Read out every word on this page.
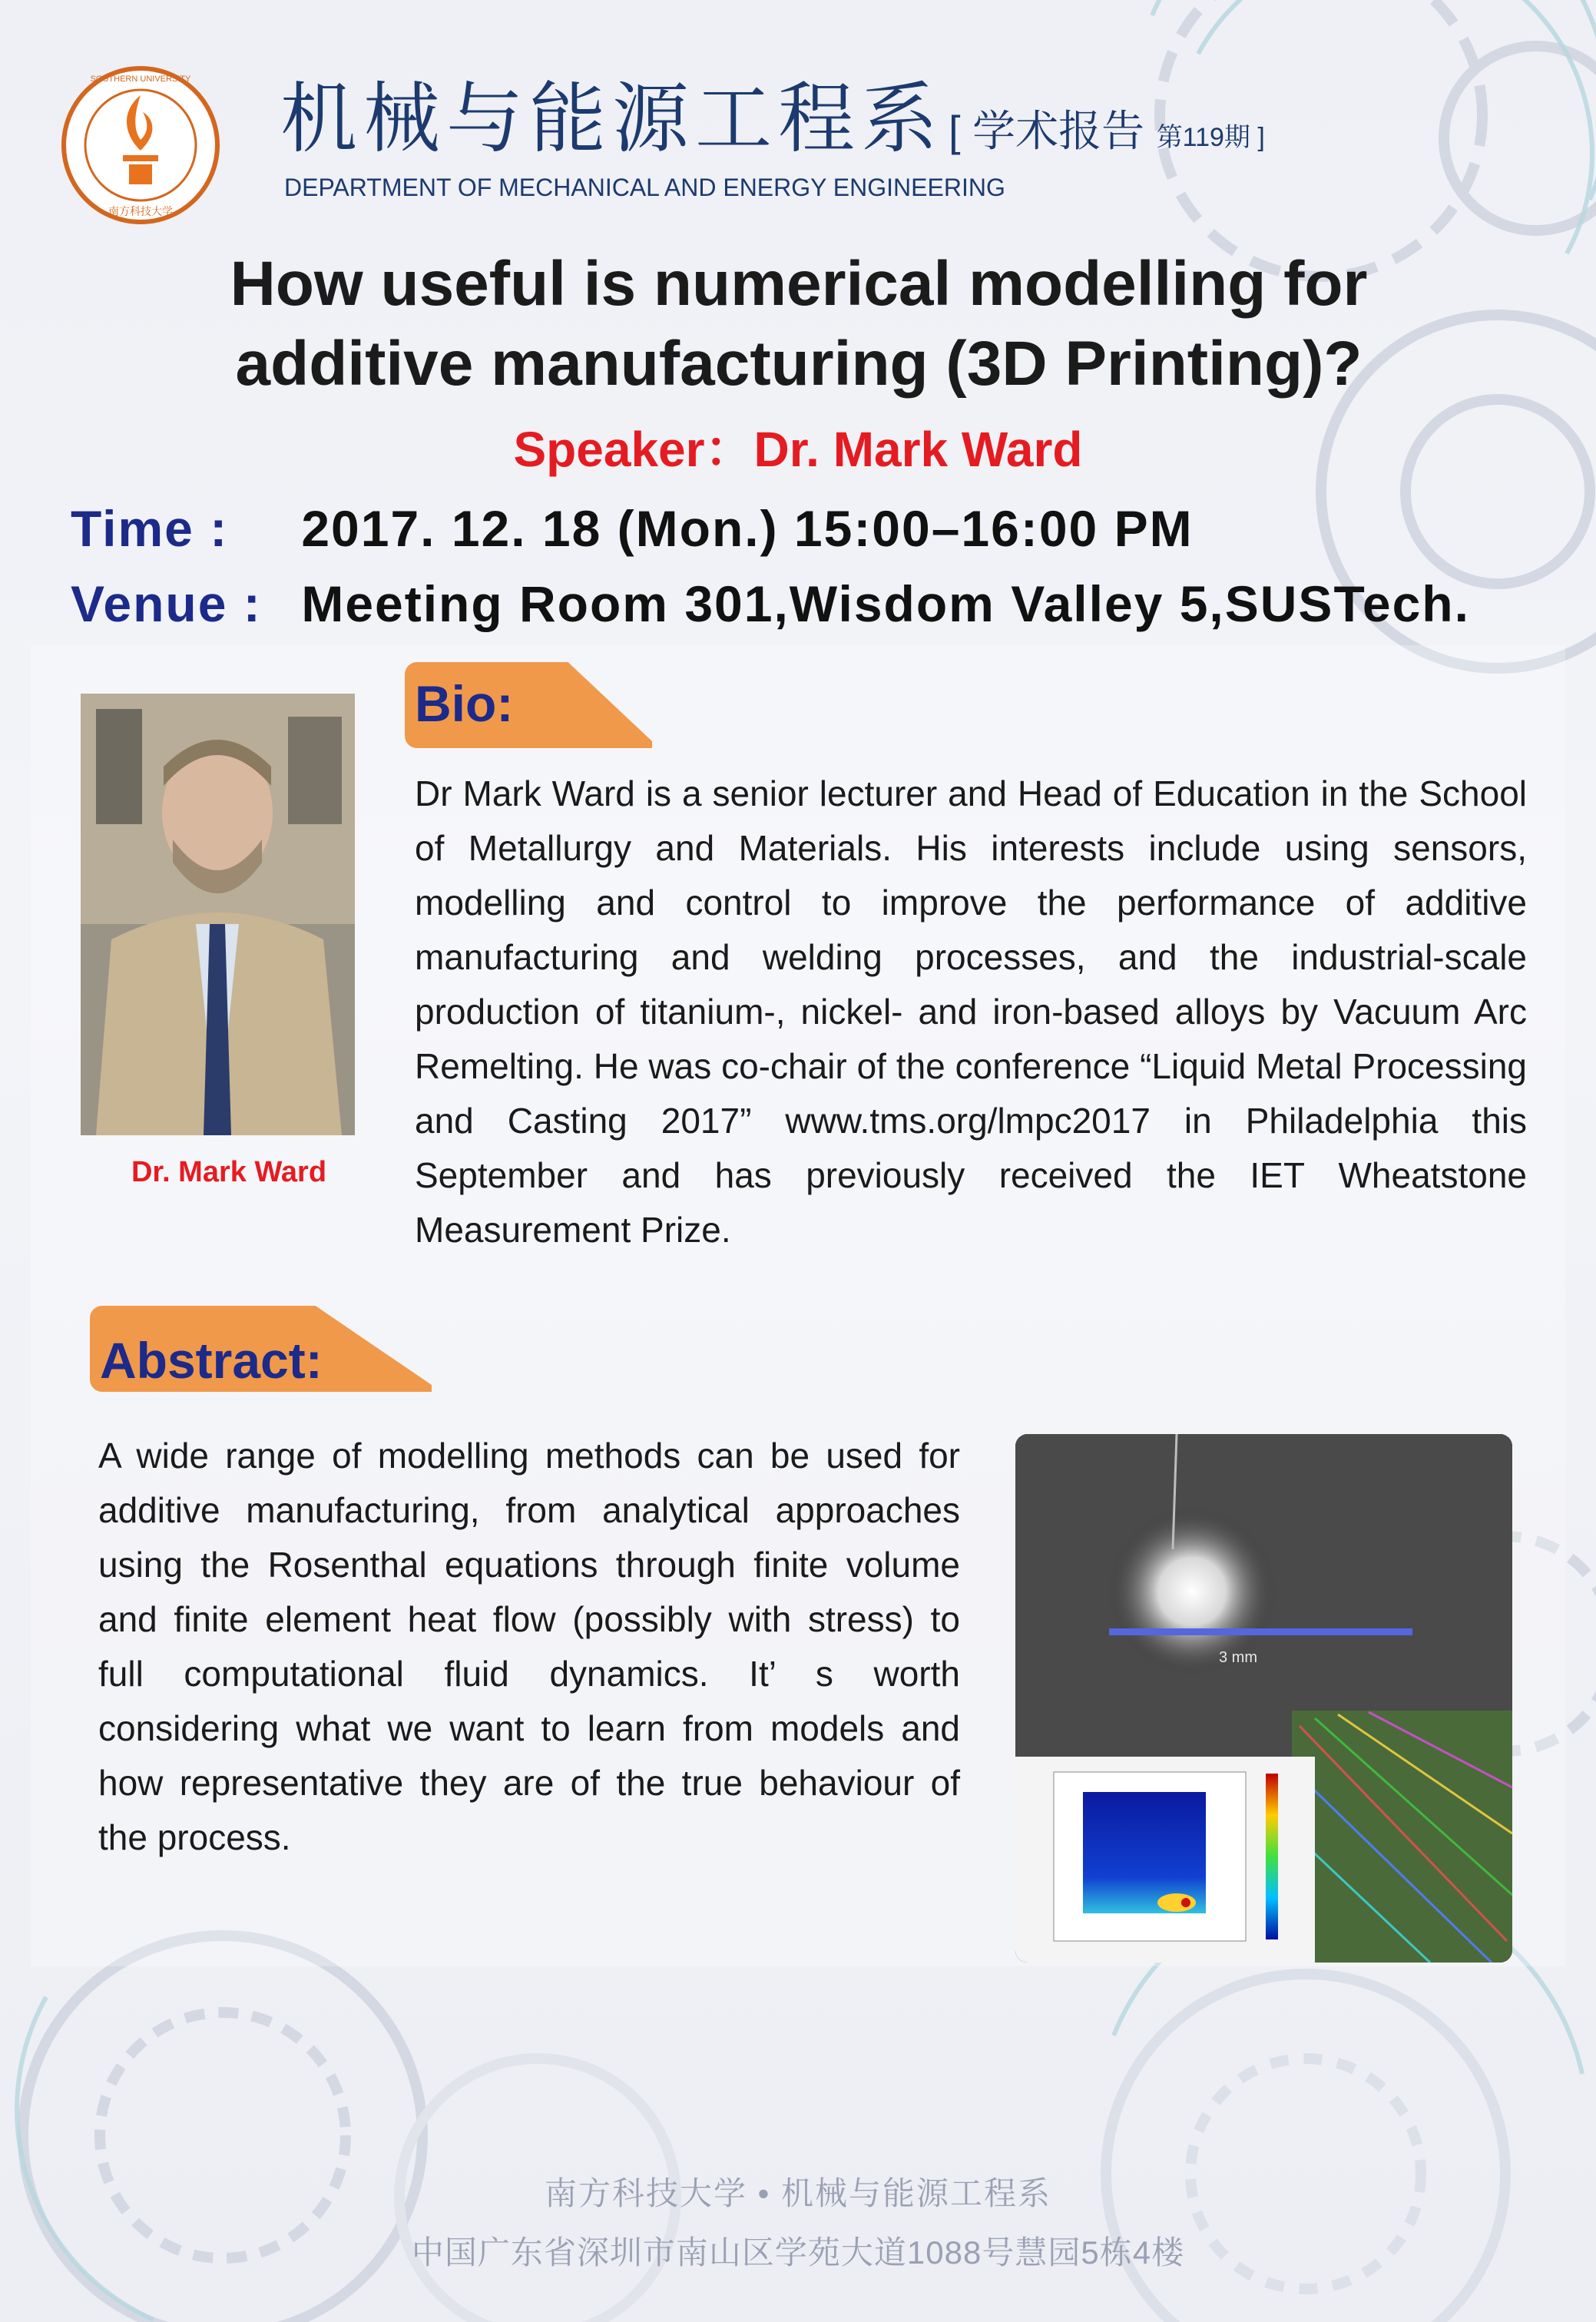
SOUTHERN UNIVERSITY
南方科技大学
机械与能源工程系 [ 学术报告 第119期 ]
DEPARTMENT OF MECHANICAL AND ENERGY ENGINEERING
How useful is numerical modelling for additive manufacturing (3D Printing)?
Speaker：Dr. Mark Ward
Time : 2017. 12. 18 (Mon.) 15:00–16:00 PM
Venue : Meeting Room 301,Wisdom Valley 5,SUSTech.
Bio:
Dr. Mark Ward
Dr Mark Ward is a senior lecturer and Head of Education in the School of Metallurgy and Materials. His interests include using sensors, modelling and control to improve the performance of additive manufacturing and welding processes, and the industrial-scale production of titanium-, nickel- and iron-based alloys by Vacuum Arc Remelting. He was co-chair of the conference “Liquid Metal Processing and Casting 2017” www.tms.org/lmpc2017 in Philadelphia this September and has previously received the IET Wheatstone Measurement Prize.
Abstract:
A wide range of modelling methods can be used for additive manufacturing, from analytical approaches using the Rosenthal equations through finite volume and finite element heat flow (possibly with stress) to full computational fluid dynamics. It’ s worth considering what we want to learn from models and how representative they are of the true behaviour of the process.
3 mm
南方科技大学 • 机械与能源工程系
中国广东省深圳市南山区学苑大道1088号慧园5栋4楼
